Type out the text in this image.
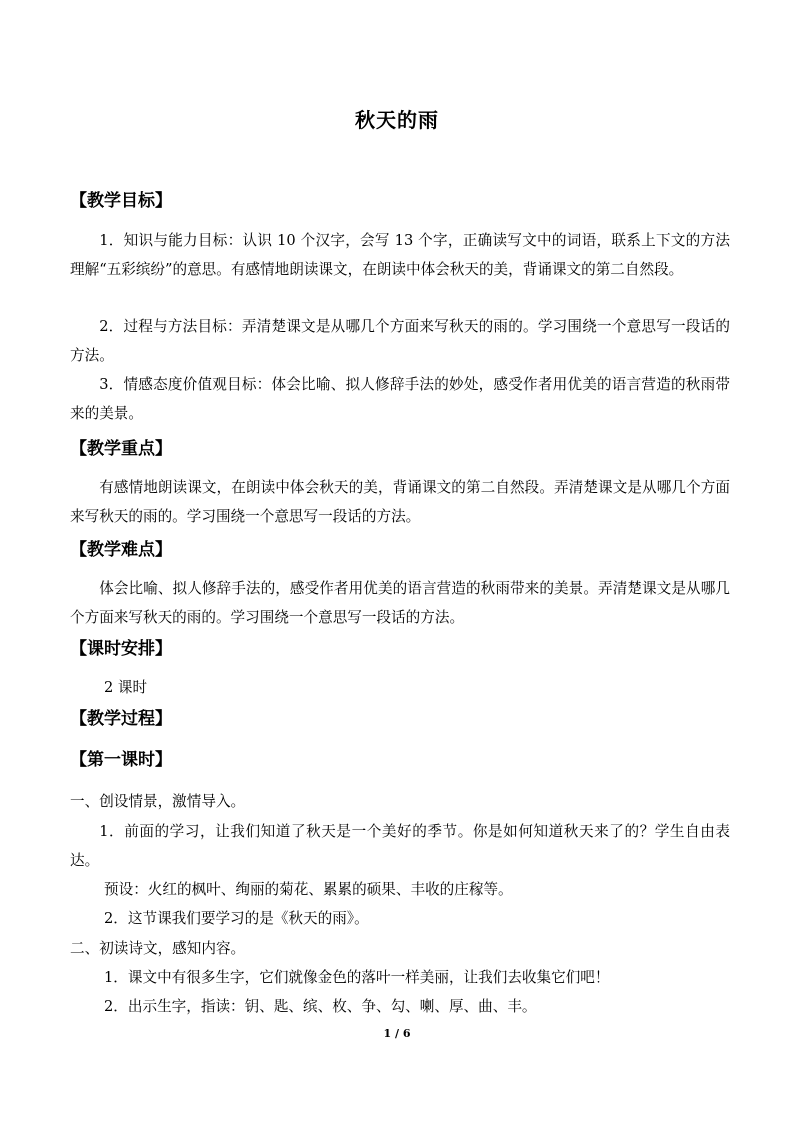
秋天的雨
【教学目标】

1．知识与能力目标：认识 10 个汉字，会写 13 个字，正确读写文中的词语，联系上下文的方法理解“五彩缤纷”的意思。有感情地朗读课文，在朗读中体会秋天的美，背诵课文的第二自然段。

2．过程与方法目标：弄清楚课文是从哪几个方面来写秋天的雨的。学习围绕一个意思写一段话的方法。

3．情感态度价值观目标：体会比喻、拟人修辞手法的妙处，感受作者用优美的语言营造的秋雨带来的美景。

【教学重点】

有感情地朗读课文，在朗读中体会秋天的美，背诵课文的第二自然段。弄清楚课文是从哪几个方面来写秋天的雨的。学习围绕一个意思写一段话的方法。

【教学难点】

体会比喻、拟人修辞手法的，感受作者用优美的语言营造的秋雨带来的美景。弄清楚课文是从哪几个方面来写秋天的雨的。学习围绕一个意思写一段话的方法。

【课时安排】
2 课时
【教学过程】
【第一课时】
一、创设情景，激情导入。

1．前面的学习，让我们知道了秋天是一个美好的季节。你是如何知道秋天来了的？学生自由表达。

预设：火红的枫叶、绚丽的菊花、累累的硕果、丰收的庄稼等。
2．这节课我们要学习的是《秋天的雨》。
二、初读诗文，感知内容。
1．课文中有很多生字，它们就像金色的落叶一样美丽，让我们去收集它们吧！
2．出示生字，指读：钥、匙、缤、枚、争、勾、喇、厚、曲、丰。
1 / 6
